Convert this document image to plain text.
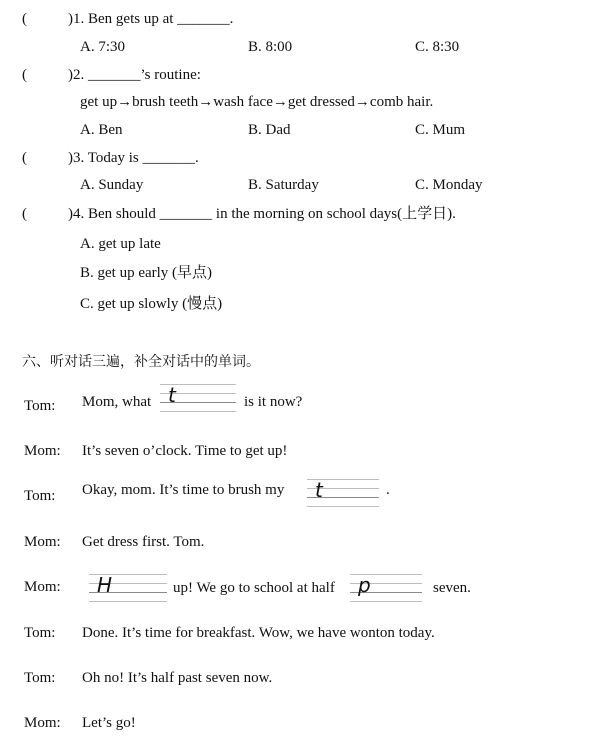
(	)1. Ben gets up at _______.
A. 7:30	B. 8:00	C. 8:30
(	)2. _______’s routine:
get up→brush teeth→wash face→get dressed→comb hair.
A. Ben	B. Dad	C. Mum
(	)3. Today is _______.
A. Sunday	B. Saturday	C. Monday
(	)4. Ben should _______ in the morning on school days(上学日).
A. get up late
B. get up early (早点)
C. get up slowly (慢点)
六、听对话三遍，补全对话中的单词。
Tom: Mom, what t	is it now?
Mom: It’s seven o’clock. Time to get up!
Tom: Okay, mom. It’s time to brush my t	.
Mom: Get dress first. Tom.
Mom: H	up! We go to school at half p	seven.
Tom: Done. It’s time for breakfast. Wow, we have wonton today.
Tom: Oh no! It’s half past seven now.
Mom: Let’s go!
